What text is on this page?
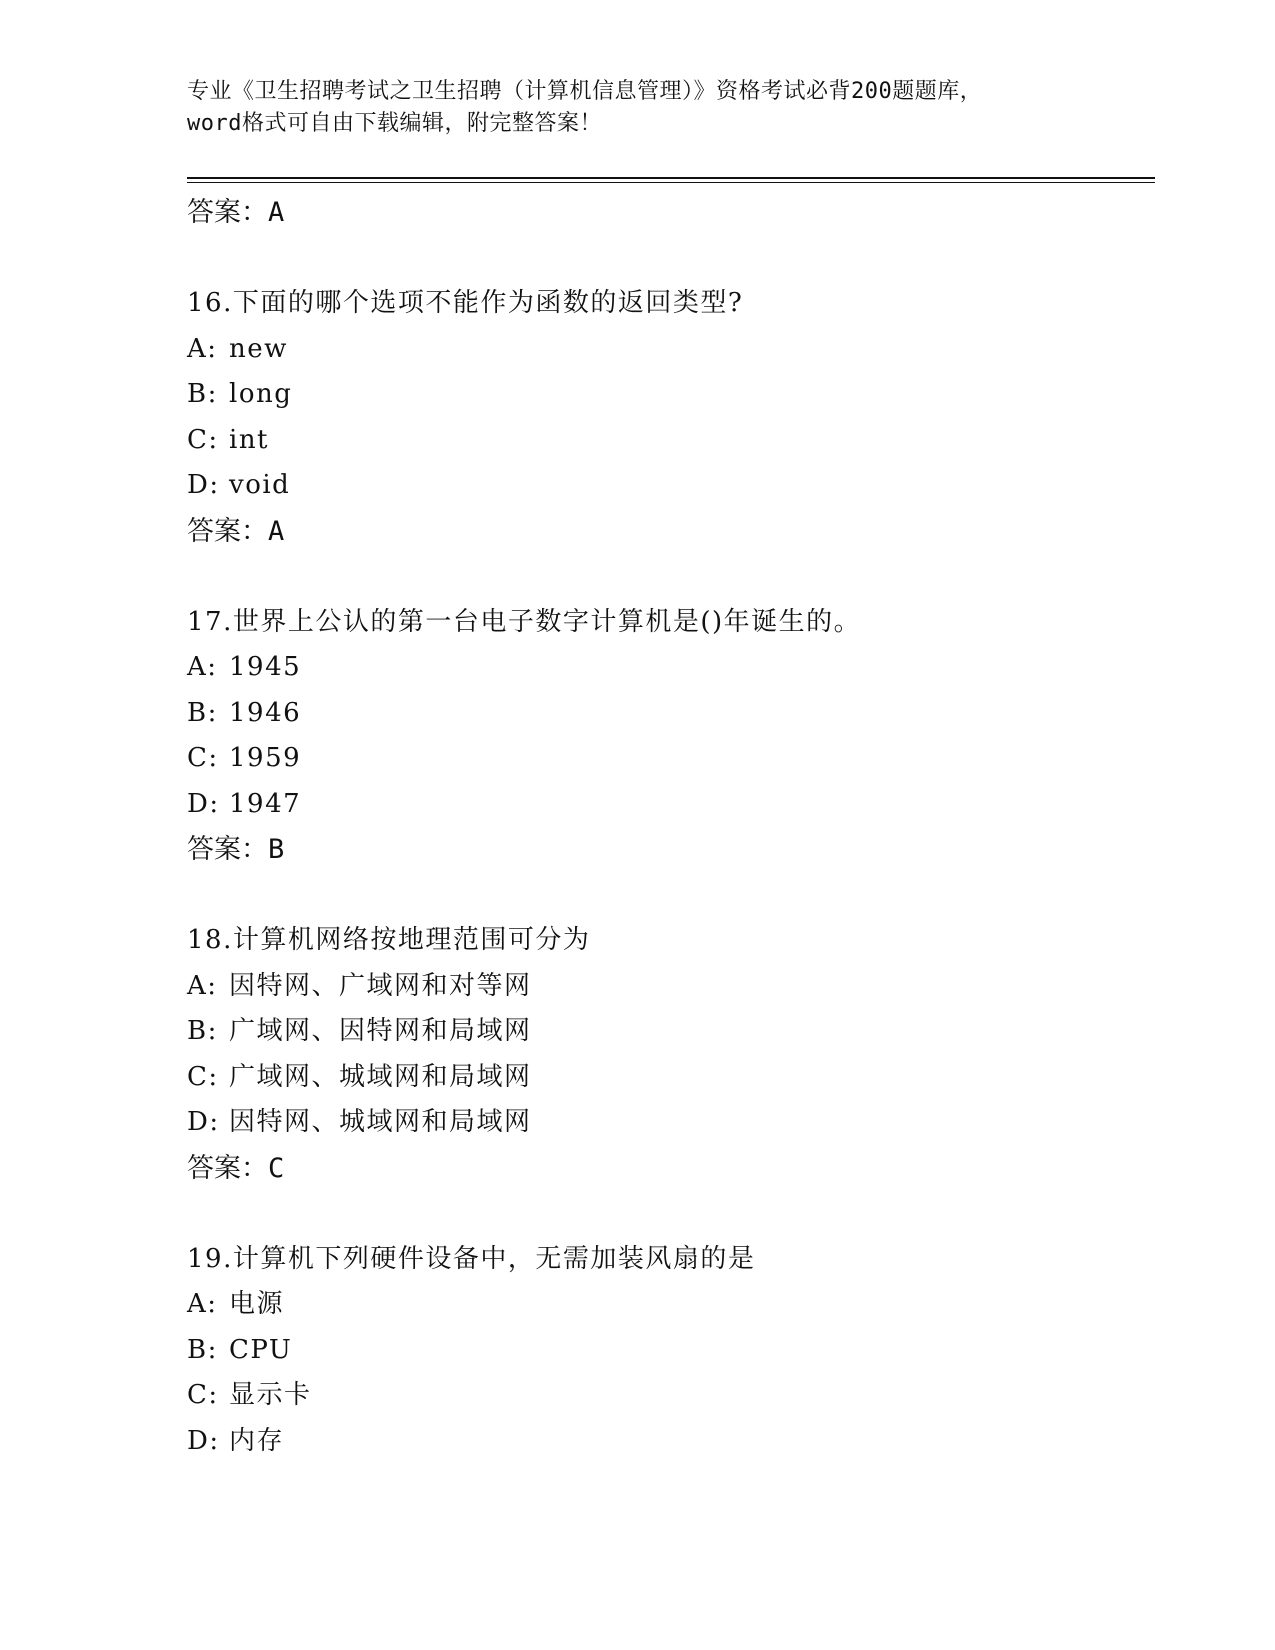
专业《卫生招聘考试之卫生招聘（计算机信息管理）》资格考试必背200题题库，
word格式可自由下载编辑，附完整答案！
答案：A
16.下面的哪个选项不能作为函数的返回类型?
A: new
B: long
C: int
D: void
答案：A
17.世界上公认的第一台电子数字计算机是()年诞生的。
A: 1945
B: 1946
C: 1959
D: 1947
答案：B
18.计算机网络按地理范围可分为
A: 因特网、广域网和对等网
B: 广域网、因特网和局域网
C: 广域网、城域网和局域网
D: 因特网、城域网和局域网
答案：C
19.计算机下列硬件设备中，无需加装风扇的是
A: 电源
B: CPU
C: 显示卡
D: 内存
